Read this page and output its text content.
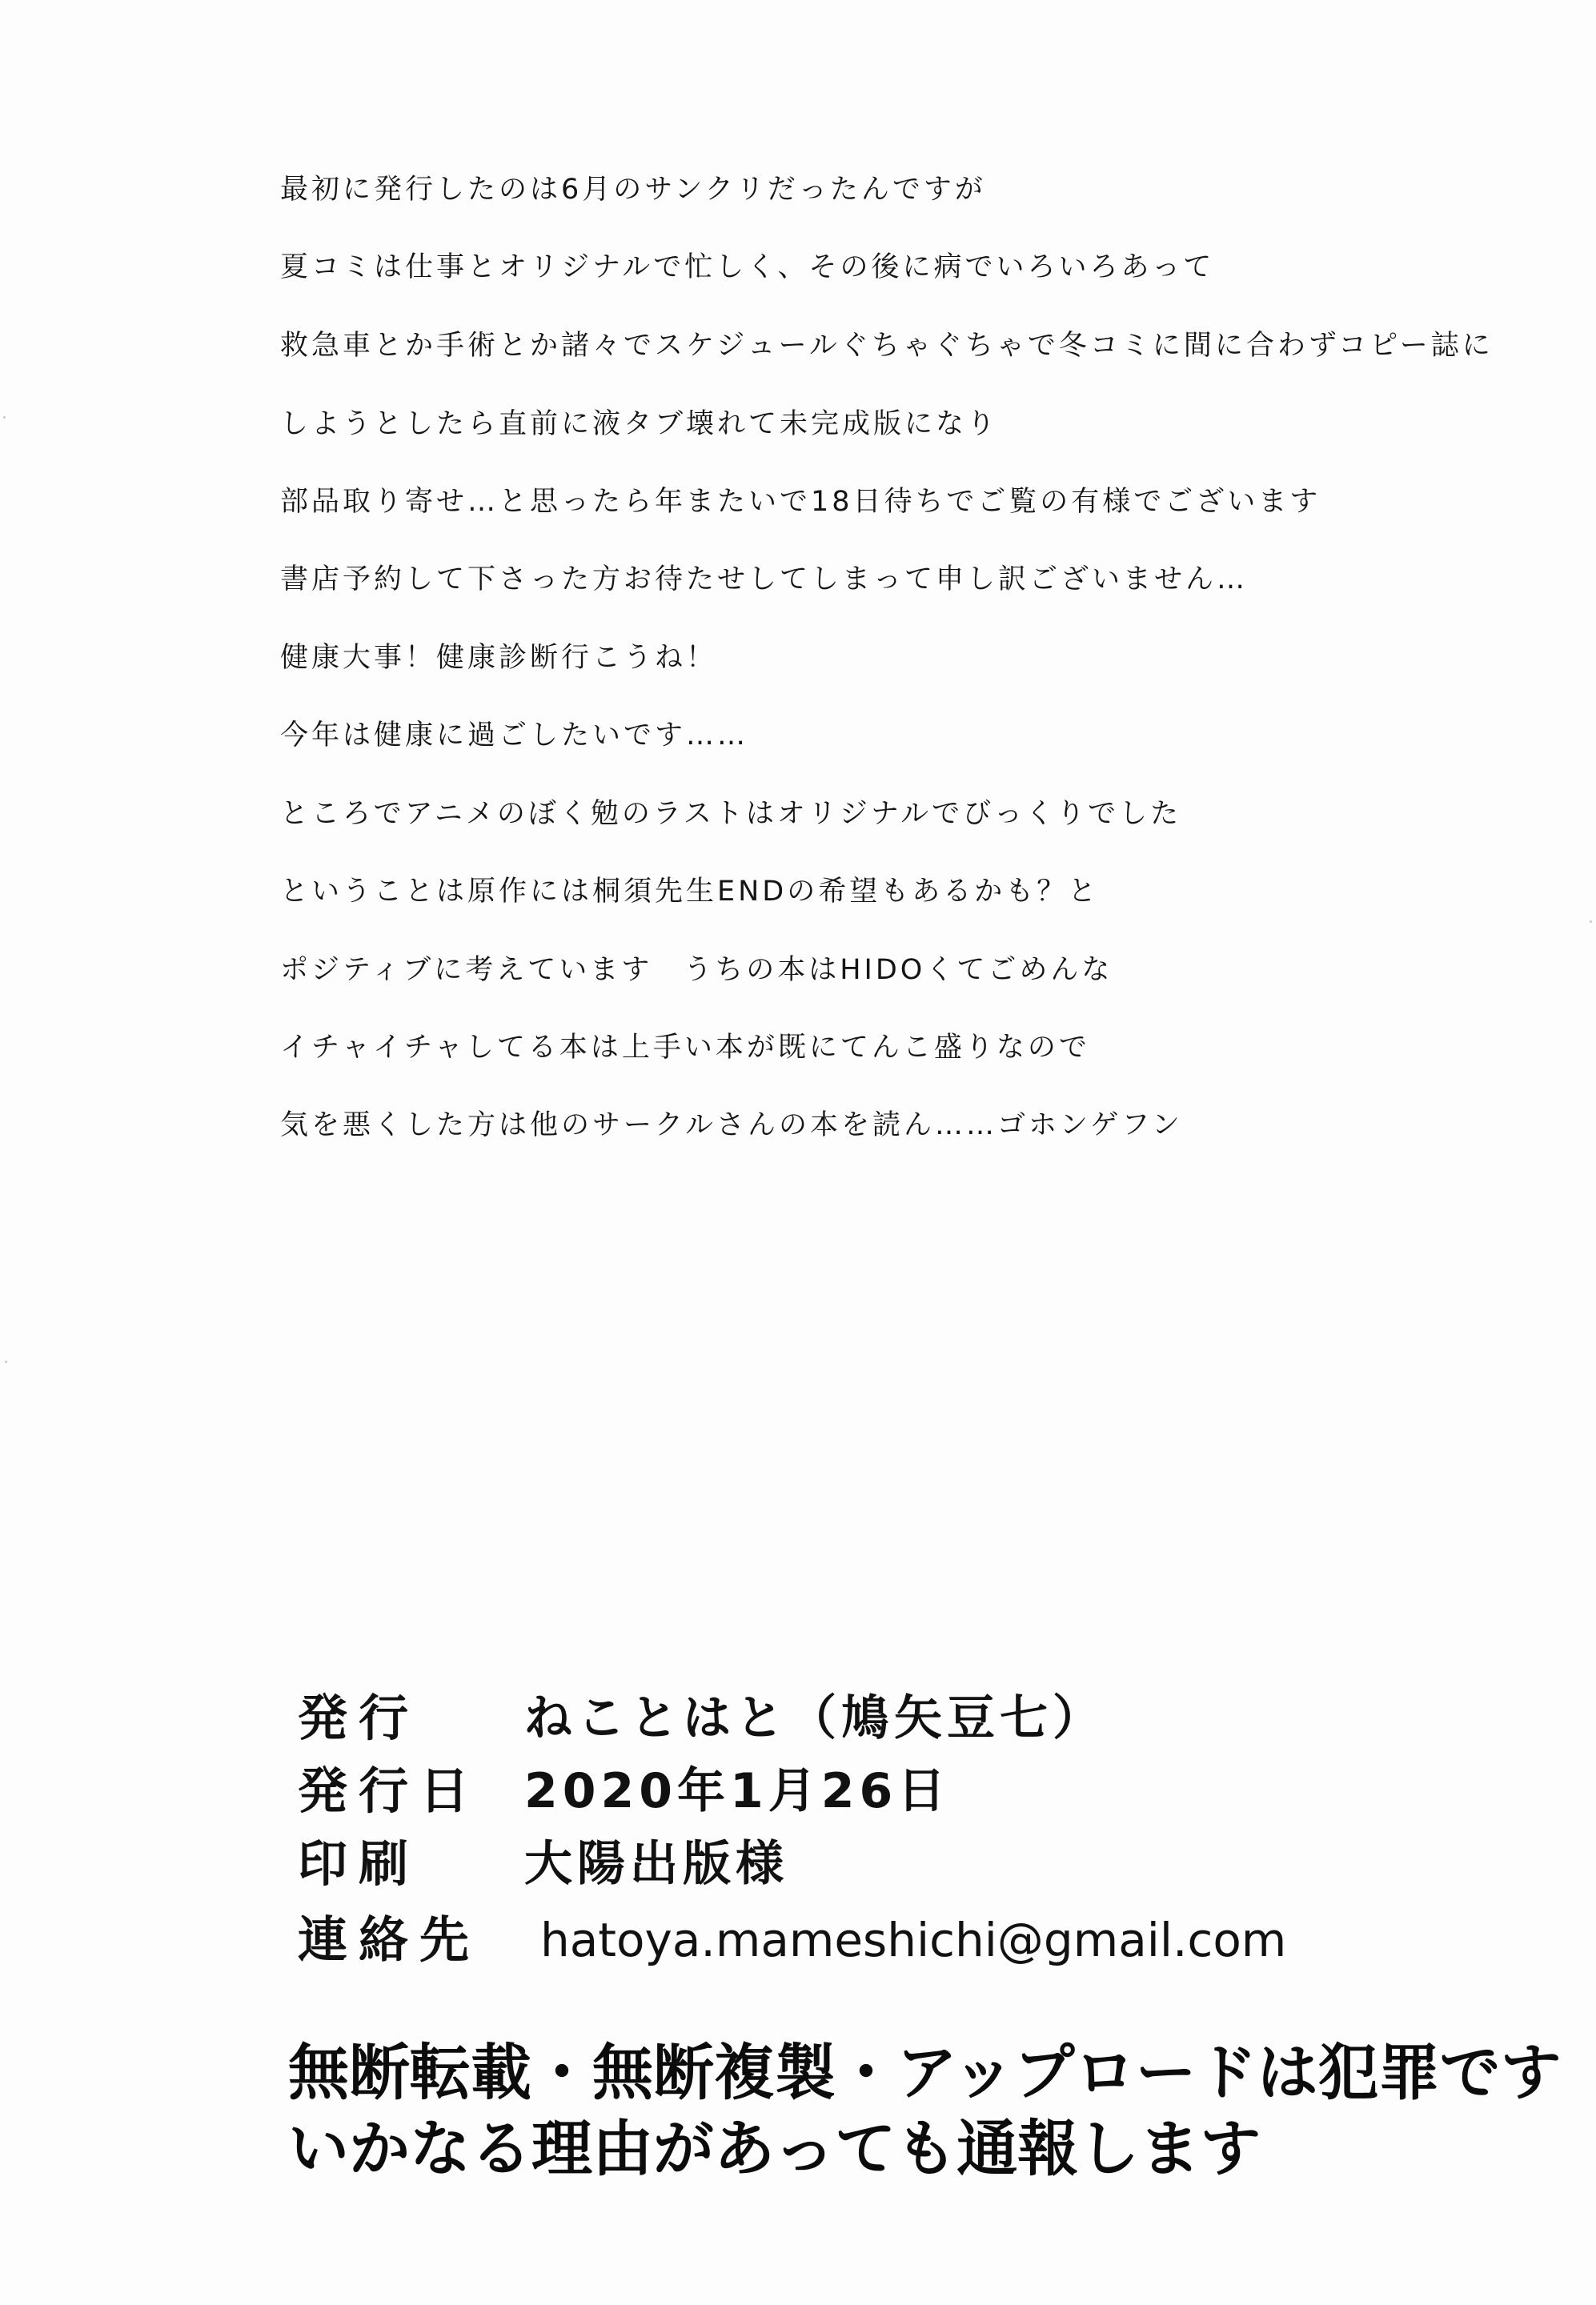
最初に発行したのは6月のサンクリだったんですが
夏コミは仕事とオリジナルで忙しく、その後に病でいろいろあって
救急車とか手術とか諸々でスケジュールぐちゃぐちゃで冬コミに間に合わずコピー誌に
しようとしたら直前に液タブ壊れて未完成版になり
部品取り寄せ…と思ったら年またいで18日待ちでご覧の有様でございます
書店予約して下さった方お待たせしてしまって申し訳ございません…
健康大事！健康診断行こうね！
今年は健康に過ごしたいです……
ところでアニメのぼく勉のラストはオリジナルでびっくりでした
ということは原作には桐須先生ENDの希望もあるかも？と
ポジティブに考えています　うちの本はHIDOくてごめんな
イチャイチャしてる本は上手い本が既にてんこ盛りなので
気を悪くした方は他のサークルさんの本を読ん……ゴホンゲフン
発行 ねことはと（鳩矢豆七）
発行日 2020年1月26日
印刷 大陽出版様
連絡先 hatoya.mameshichi@gmail.com
無断転載・無断複製・アップロードは犯罪です
いかなる理由があっても通報します
